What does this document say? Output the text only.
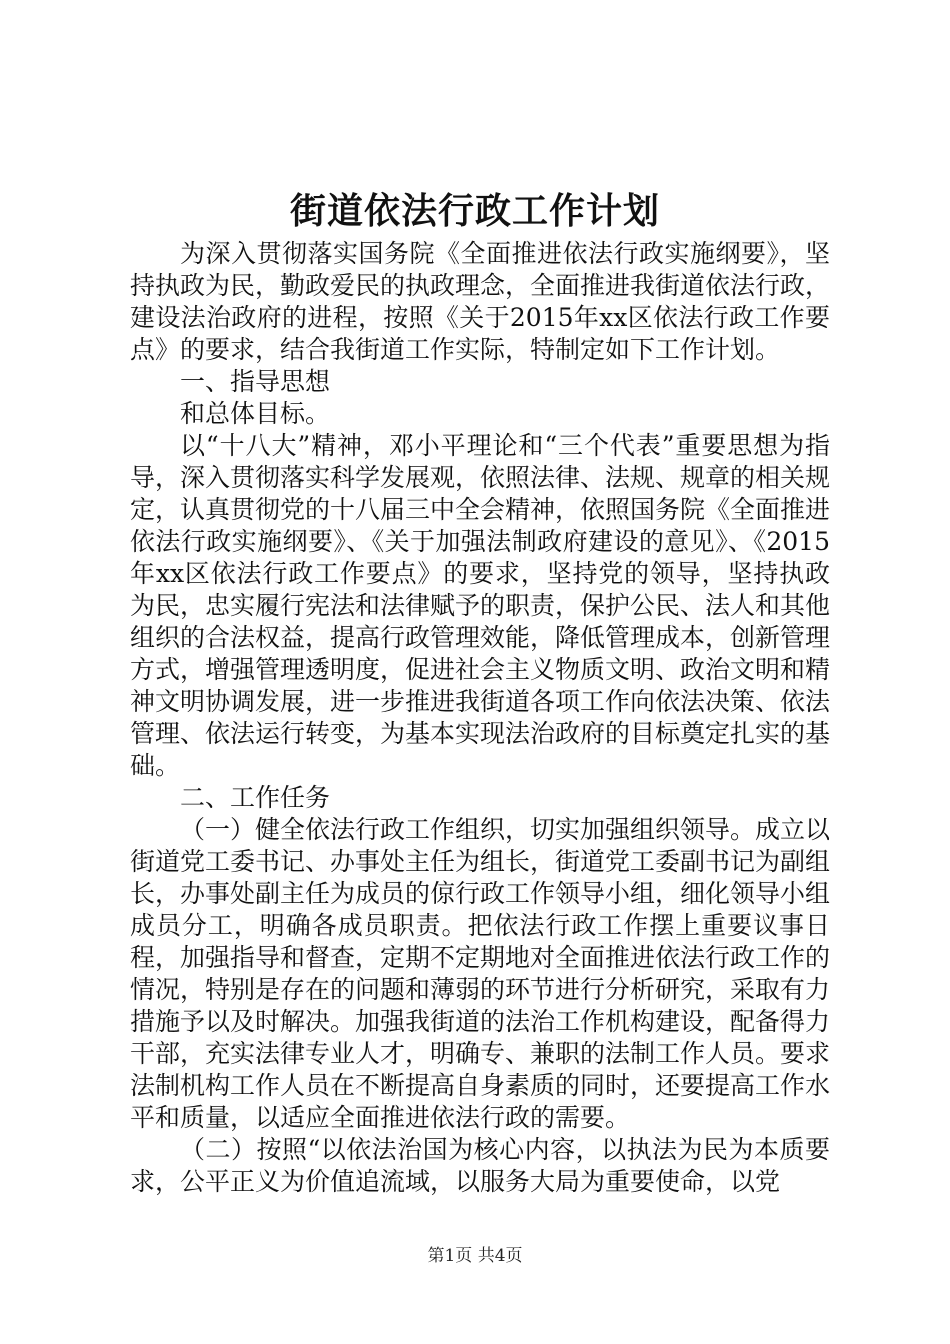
街道依法行政工作计划

为深入贯彻落实国务院《全面推进依法行政实施纲要》，坚持执政为民，勤政爱民的执政理念，全面推进我街道依法行政，建设法治政府的进程，按照《关于2015年xx区依法行政工作要点》的要求，结合我街道工作实际，特制定如下工作计划。

一、指导思想

和总体目标。

以“十八大”精神，邓小平理论和“三个代表”重要思想为指导，深入贯彻落实科学发展观，依照法律、法规、规章的相关规定，认真贯彻党的十八届三中全会精神，依照国务院《全面推进依法行政实施纲要》、《关于加强法制政府建设的意见》、《2015年xx区依法行政工作要点》的要求，坚持党的领导，坚持执政为民，忠实履行宪法和法律赋予的职责，保护公民、法人和其他组织的合法权益，提高行政管理效能，降低管理成本，创新管理方式，增强管理透明度，促进社会主义物质文明、政治文明和精神文明协调发展，进一步推进我街道各项工作向依法决策、依法管理、依法运行转变，为基本实现法治政府的目标奠定扎实的基础。

二、工作任务

（一）健全依法行政工作组织，切实加强组织领导。成立以街道党工委书记、办事处主任为组长，街道党工委副书记为副组长，办事处副主任为成员的倞行政工作领导小组，细化领导小组成员分工，明确各成员职责。把依法行政工作摆上重要议事日程，加强指导和督查，定期不定期地对全面推进依法行政工作的情况，特别是存在的问题和薄弱的环节进行分析研究，采取有力措施予以及时解决。加强我街道的法治工作机构建设，配备得力干部，充实法律专业人才，明确专、兼职的法制工作人员。要求法制机构工作人员在不断提高自身素质的同时，还要提高工作水平和质量，以适应全面推进依法行政的需要。

（二）按照“以依法治国为核心内容，以执法为民为本质要求，公平正义为价值追流域，以服务大局为重要使命，以党

第1页 共4页
